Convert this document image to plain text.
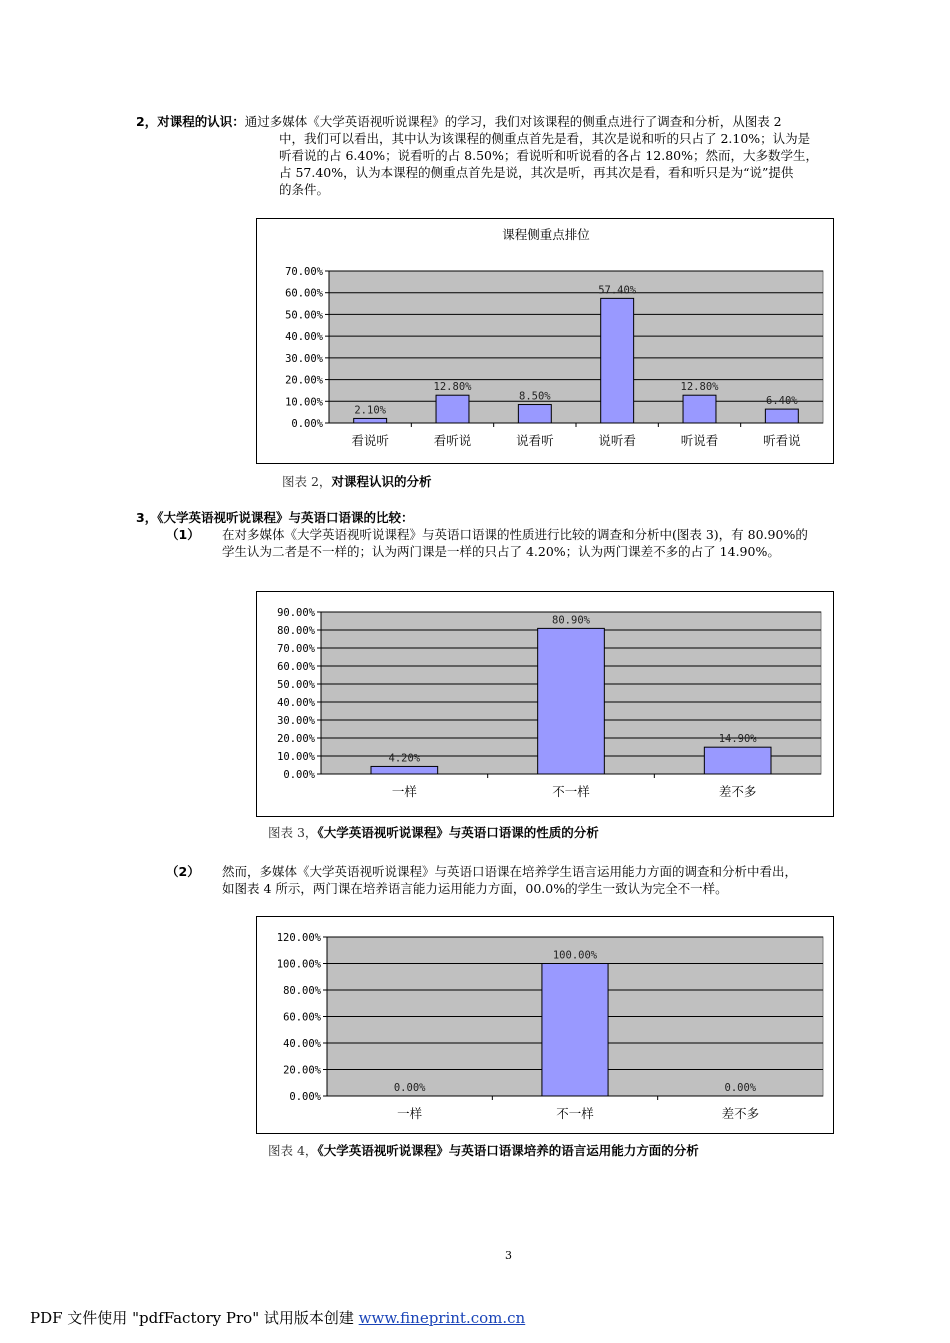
2，对课程的认识：通过多媒体《大学英语视听说课程》的学习，我们对该课程的侧重点进行了调查和分析，从图表 2
中，我们可以看出，其中认为该课程的侧重点首先是看，其次是说和听的只占了 2.10%；认为是
听看说的占 6.40%；说看听的占 8.50%；看说听和听说看的各占 12.80%；然而，大多数学生，
占 57.40%，认为本课程的侧重点首先是说，其次是听，再其次是看，看和听只是为“说”提供
的条件。
课程侧重点排位
0.00%
10.00%
20.00%
30.00%
40.00%
50.00%
60.00%
70.00%
2.10%
看说听
12.80%
看听说
8.50%
说看听
57.40%
说听看
12.80%
听说看
6.40%
听看说
图表 2，对课程认识的分析
3，《大学英语视听说课程》与英语口语课的比较：
（1） 在对多媒体《大学英语视听说课程》与英语口语课的性质进行比较的调查和分析中(图表 3)，有 80.90%的
学生认为二者是不一样的；认为两门课是一样的只占了 4.20%；认为两门课差不多的占了 14.90%。
0.00%
10.00%
20.00%
30.00%
40.00%
50.00%
60.00%
70.00%
80.00%
90.00%
4.20%
一样
80.90%
不一样
14.90%
差不多
图表 3，《大学英语视听说课程》与英语口语课的性质的分析
（2） 然而，多媒体《大学英语视听说课程》与英语口语课在培养学生语言运用能力方面的调查和分析中看出，
如图表 4 所示，两门课在培养语言能力运用能力方面，00.0%的学生一致认为完全不一样。
0.00%
20.00%
40.00%
60.00%
80.00%
100.00%
120.00%
0.00%
一样
100.00%
不一样
0.00%
差不多
图表 4，《大学英语视听说课程》与英语口语课培养的语言运用能力方面的分析
3
PDF 文件使用 "pdfFactory Pro" 试用版本创建 www.fineprint.com.cn
